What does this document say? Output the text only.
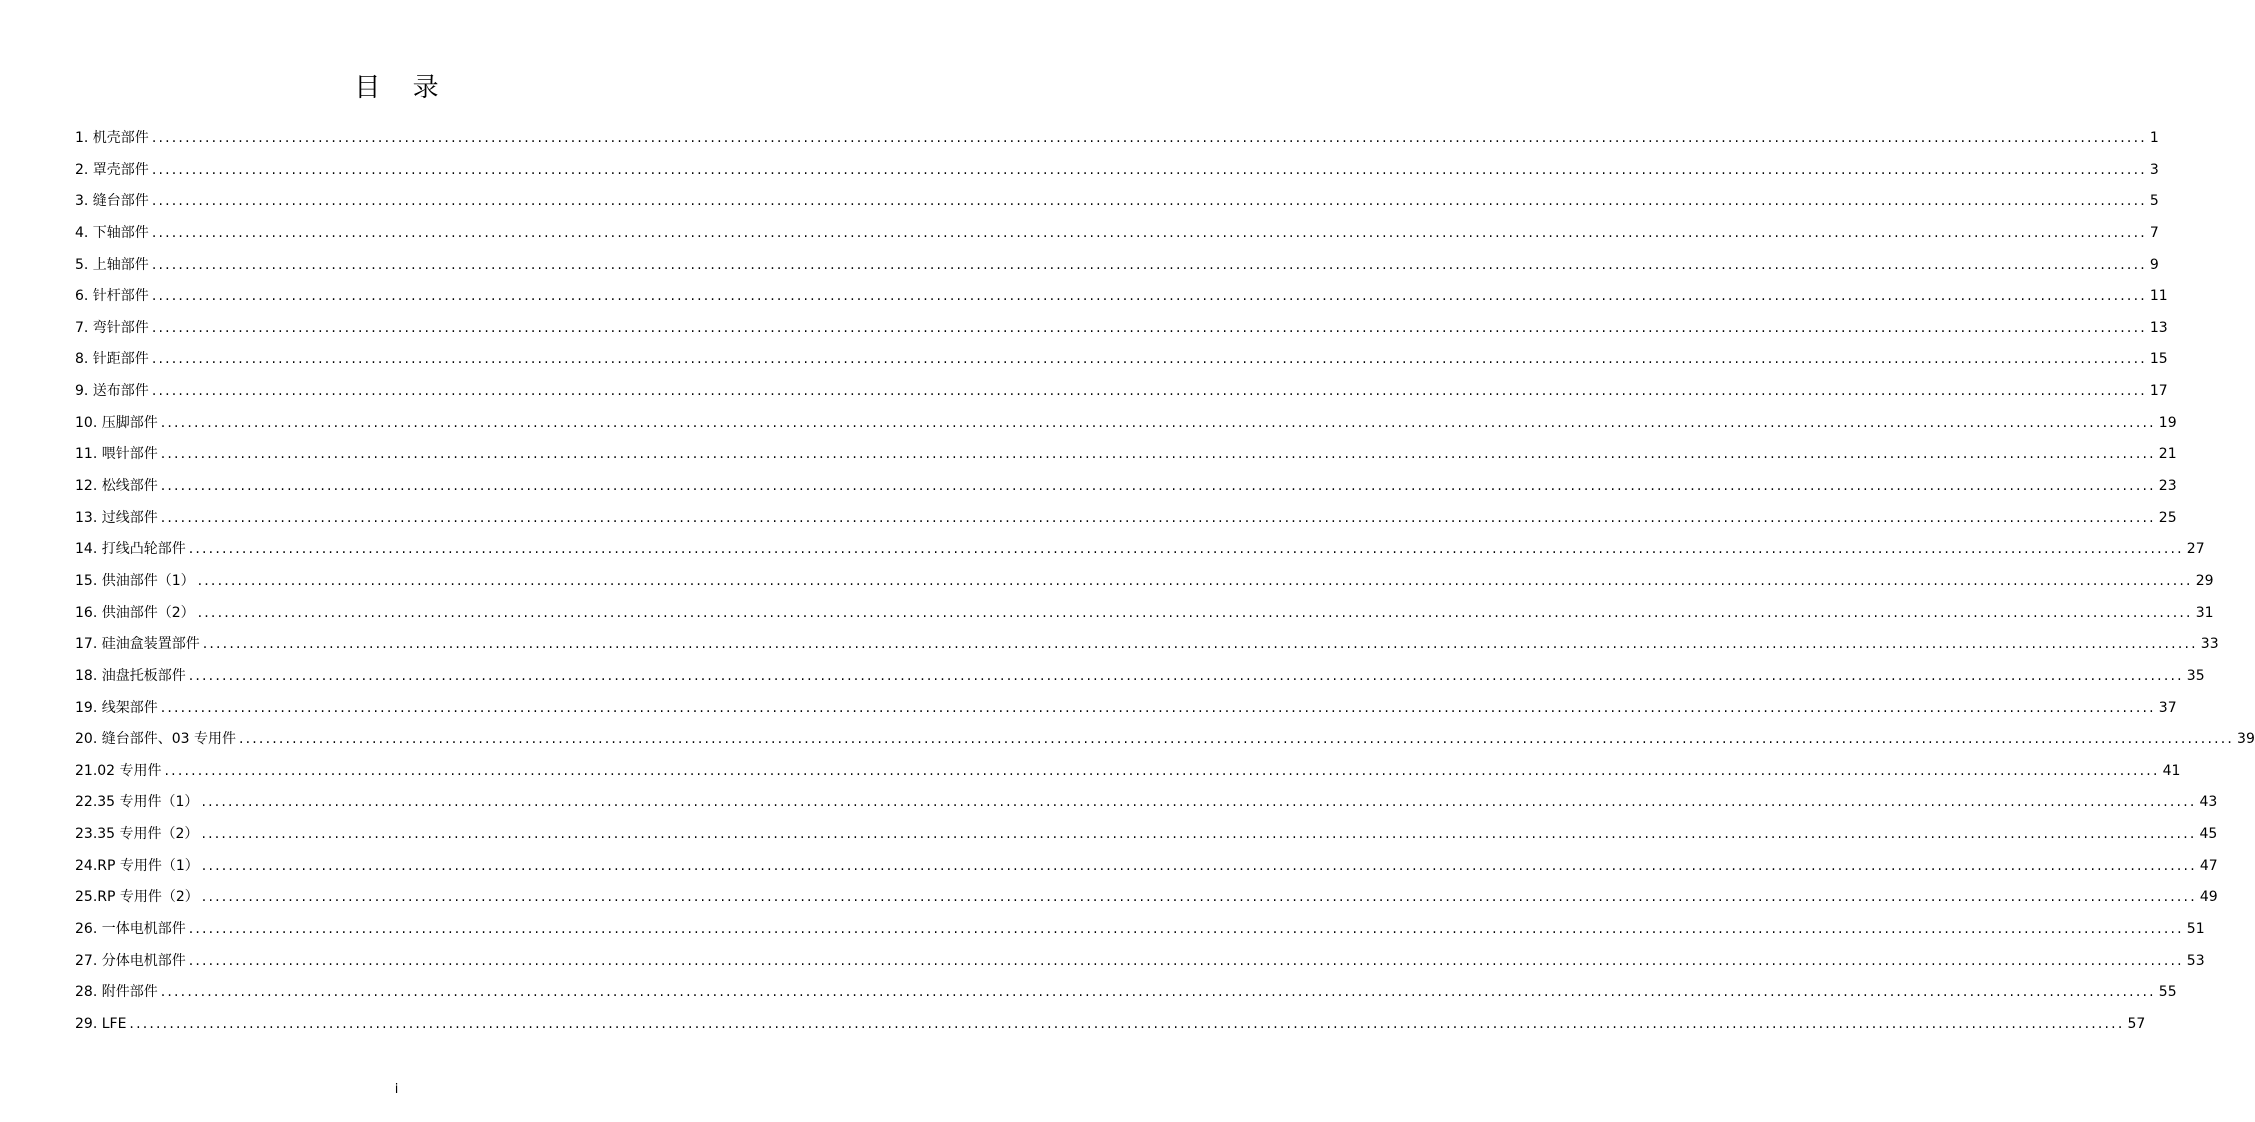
目 录
1. 机壳部件 ............................................................................................................................................................................................................................................................................................................ 1
2. 罩壳部件 ............................................................................................................................................................................................................................................................................................................ 3
3. 缝台部件 ............................................................................................................................................................................................................................................................................................................ 5
4. 下轴部件 ............................................................................................................................................................................................................................................................................................................ 7
5. 上轴部件 ............................................................................................................................................................................................................................................................................................................ 9
6. 针杆部件 ............................................................................................................................................................................................................................................................................................................ 11
7. 弯针部件 ............................................................................................................................................................................................................................................................................................................ 13
8. 针距部件 ............................................................................................................................................................................................................................................................................................................ 15
9. 送布部件 ............................................................................................................................................................................................................................................................................................................ 17
10. 压脚部件 ............................................................................................................................................................................................................................................................................................................ 19
11. 喂针部件 ............................................................................................................................................................................................................................................................................................................ 21
12. 松线部件 ............................................................................................................................................................................................................................................................................................................ 23
13. 过线部件 ............................................................................................................................................................................................................................................................................................................ 25
14. 打线凸轮部件 ............................................................................................................................................................................................................................................................................................................ 27
15. 供油部件（1） ............................................................................................................................................................................................................................................................................................................ 29
16. 供油部件（2） ............................................................................................................................................................................................................................................................................................................ 31
17. 硅油盒装置部件 ............................................................................................................................................................................................................................................................................................................ 33
18. 油盘托板部件 ............................................................................................................................................................................................................................................................................................................ 35
19. 线架部件 ............................................................................................................................................................................................................................................................................................................ 37
20. 缝台部件、03 专用件 ............................................................................................................................................................................................................................................................................................................ 39
21.02 专用件 ............................................................................................................................................................................................................................................................................................................ 41
22.35 专用件（1） ............................................................................................................................................................................................................................................................................................................ 43
23.35 专用件（2） ............................................................................................................................................................................................................................................................................................................ 45
24.RP 专用件（1） ............................................................................................................................................................................................................................................................................................................ 47
25.RP 专用件（2） ............................................................................................................................................................................................................................................................................................................ 49
26. 一体电机部件 ............................................................................................................................................................................................................................................................................................................ 51
27. 分体电机部件 ............................................................................................................................................................................................................................................................................................................ 53
28. 附件部件 ............................................................................................................................................................................................................................................................................................................ 55
29. LFE ............................................................................................................................................................................................................................................................................................................ 57
i
